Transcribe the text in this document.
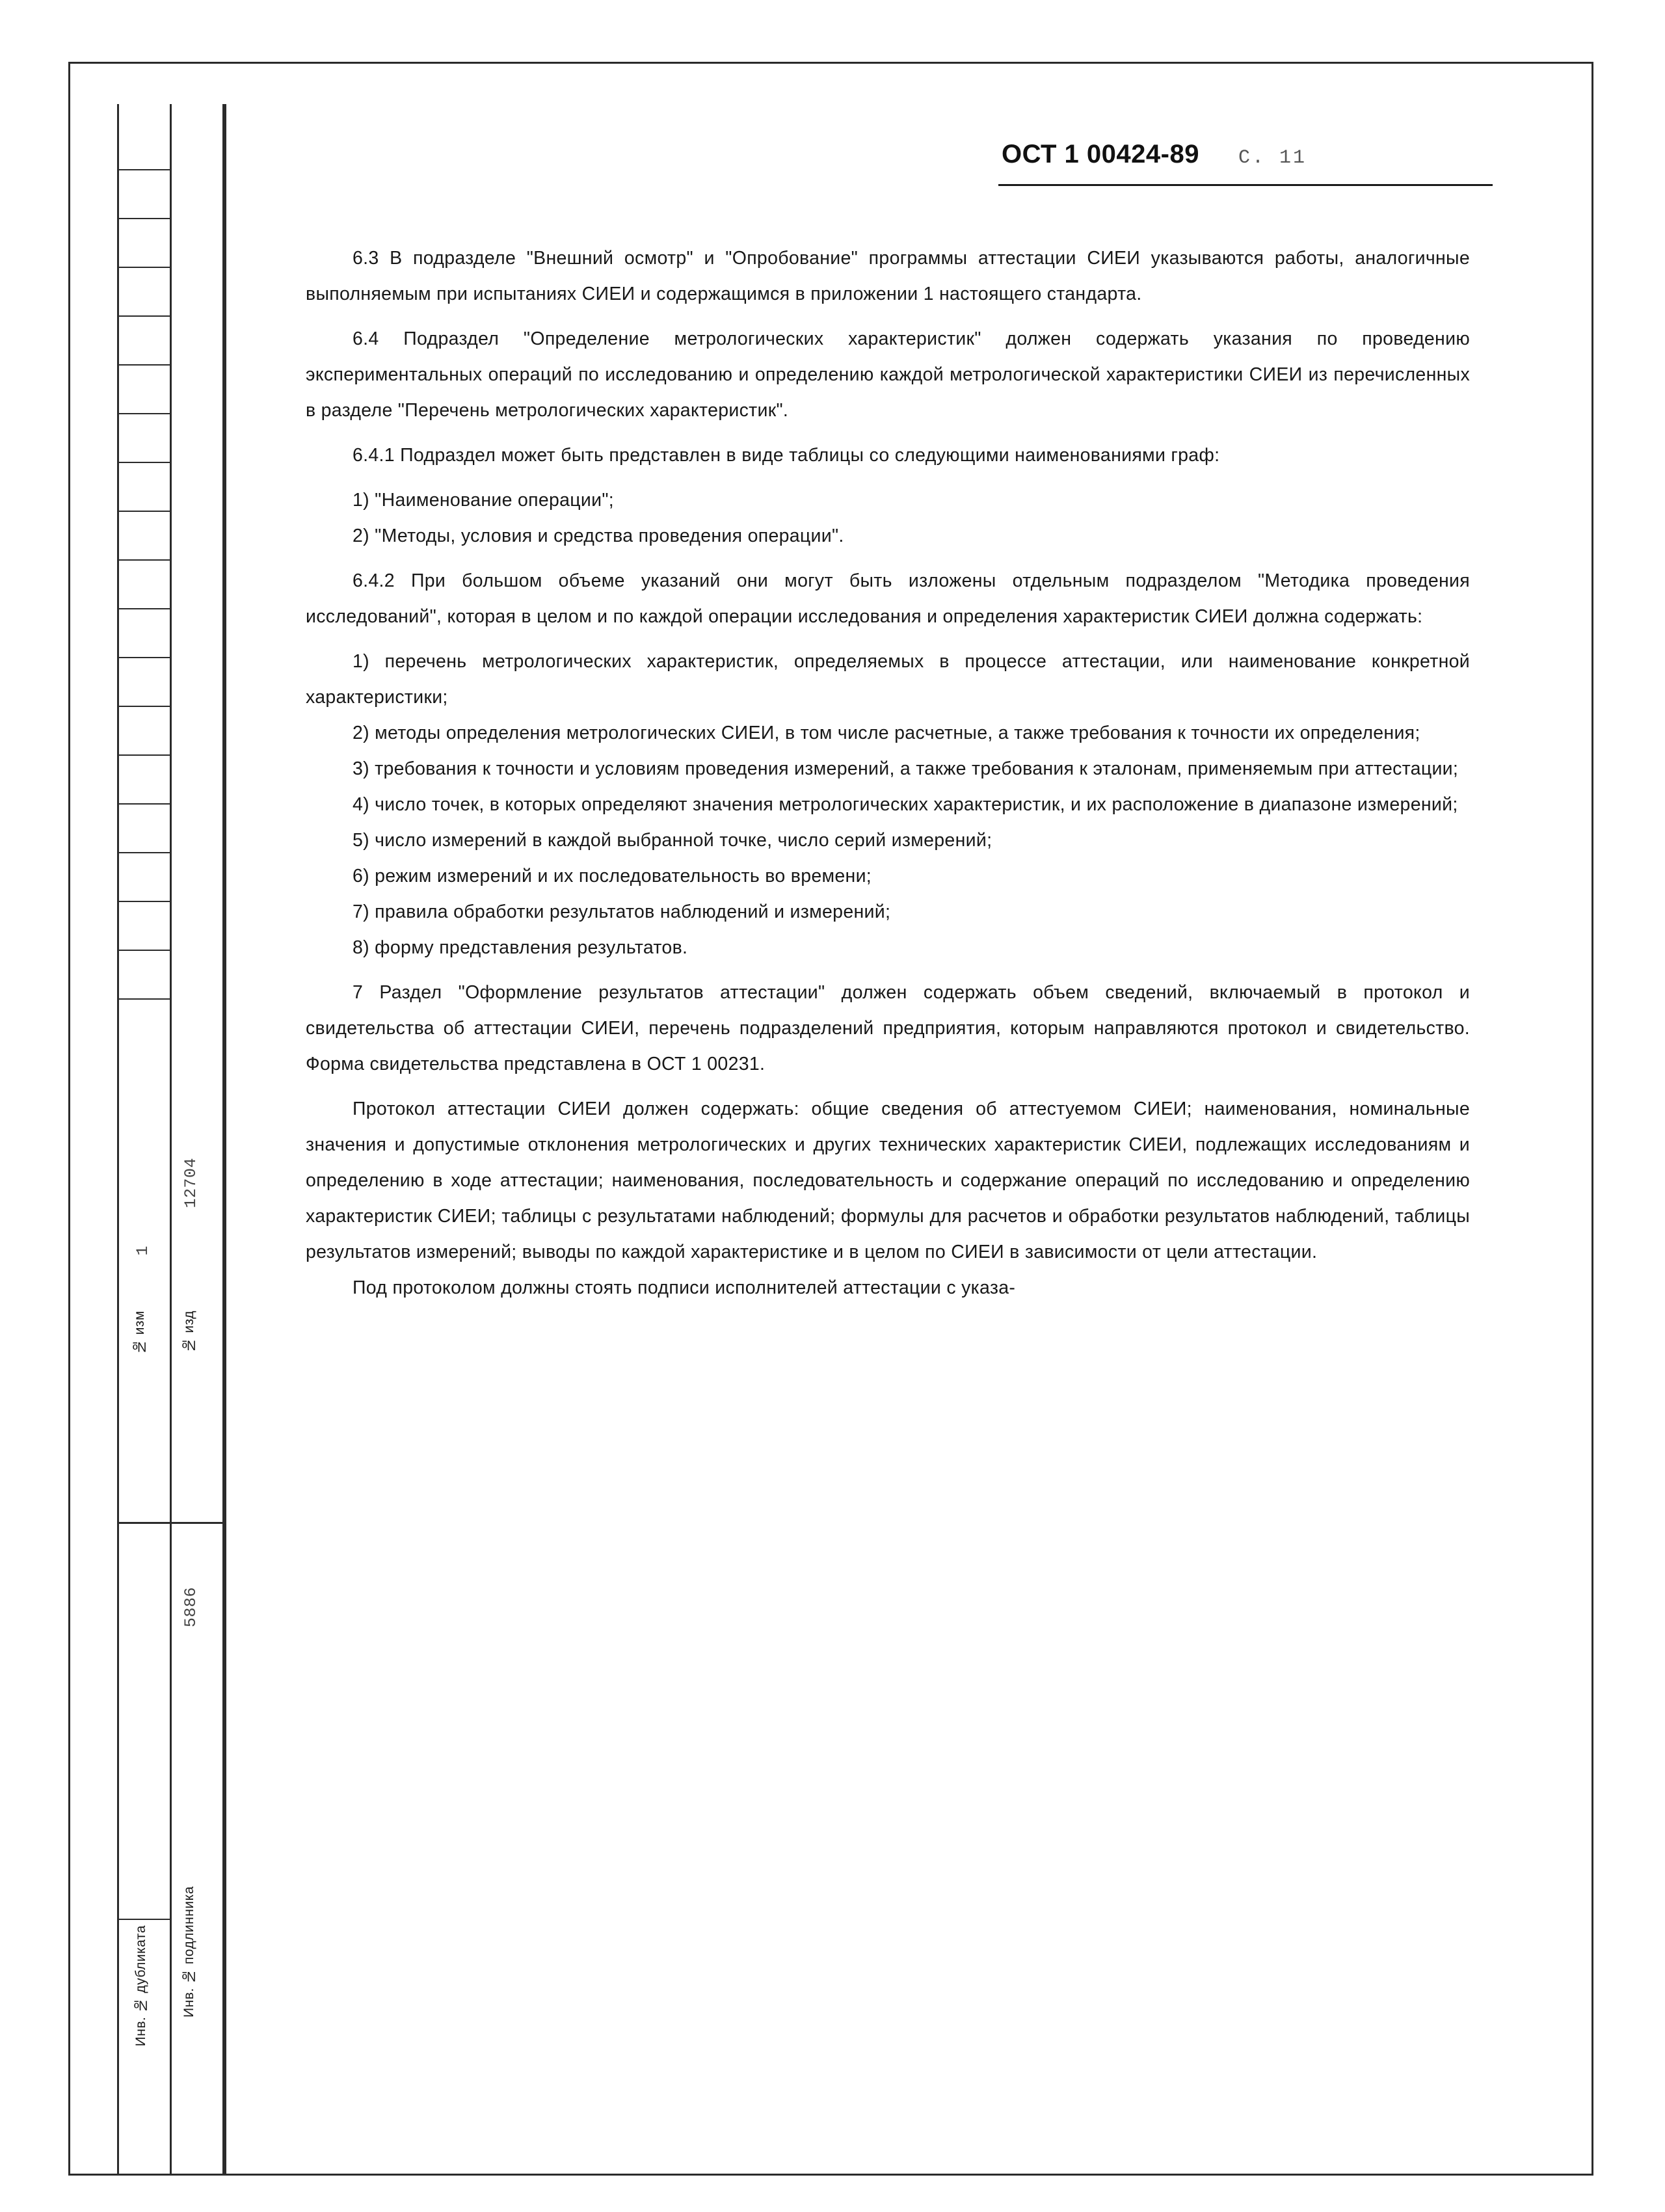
12704
1
№ изм	№ изд
5886
Инв. № дубликата Инв. № подлинника
ОСТ 1 00424-89 С. 11

6.3 В подразделе "Внешний осмотр" и "Опробование" программы аттестации СИЕИ указываются работы, аналогичные выполняемым при испытаниях СИЕИ и содержащимся в приложении 1 настоящего стандарта.

6.4 Подраздел "Определение метрологических характеристик" должен содержать указания по проведению экспериментальных операций по исследованию и определению каждой метрологической характеристики СИЕИ из перечисленных в разделе "Перечень метрологических характеристик".

6.4.1 Подраздел может быть представлен в виде таблицы со следующими наименованиями граф:

1) "Наименование операции";

2) "Методы, условия и средства проведения операции".

6.4.2 При большом объеме указаний они могут быть изложены отдельным подразделом "Методика проведения исследований", которая в целом и по каждой операции исследования и определения характеристик СИЕИ должна содержать:

1) перечень метрологических характеристик, определяемых в процессе аттестации, или наименование конкретной характеристики;

2) методы определения метрологических СИЕИ, в том числе расчетные, а также требования к точности их определения;

3) требования к точности и условиям проведения измерений, а также требования к эталонам, применяемым при аттестации;

4) число точек, в которых определяют значения метрологических характеристик, и их расположение в диапазоне измерений;

5) число измерений в каждой выбранной точке, число серий измерений;

6) режим измерений и их последовательность во времени;

7) правила обработки результатов наблюдений и измерений;

8) форму представления результатов.

7 Раздел "Оформление результатов аттестации" должен содержать объем сведений, включаемый в протокол и свидетельства об аттестации СИЕИ, перечень подразделений предприятия, которым направляются протокол и свидетельство. Форма свидетельства представлена в ОСТ 1 00231.

Протокол аттестации СИЕИ должен содержать: общие сведения об аттестуемом СИЕИ; наименования, номинальные значения и допустимые отклонения метрологических и других технических характеристик СИЕИ, подлежащих исследованиям и определению в ходе аттестации; наименования, последовательность и содержание операций по исследованию и определению характеристик СИЕИ; таблицы с результатами наблюдений; формулы для расчетов и обработки результатов наблюдений, таблицы результатов измерений; выводы по каждой характеристике и в целом по СИЕИ в зависимости от цели аттестации.

Под протоколом должны стоять подписи исполнителей аттестации с указа-
